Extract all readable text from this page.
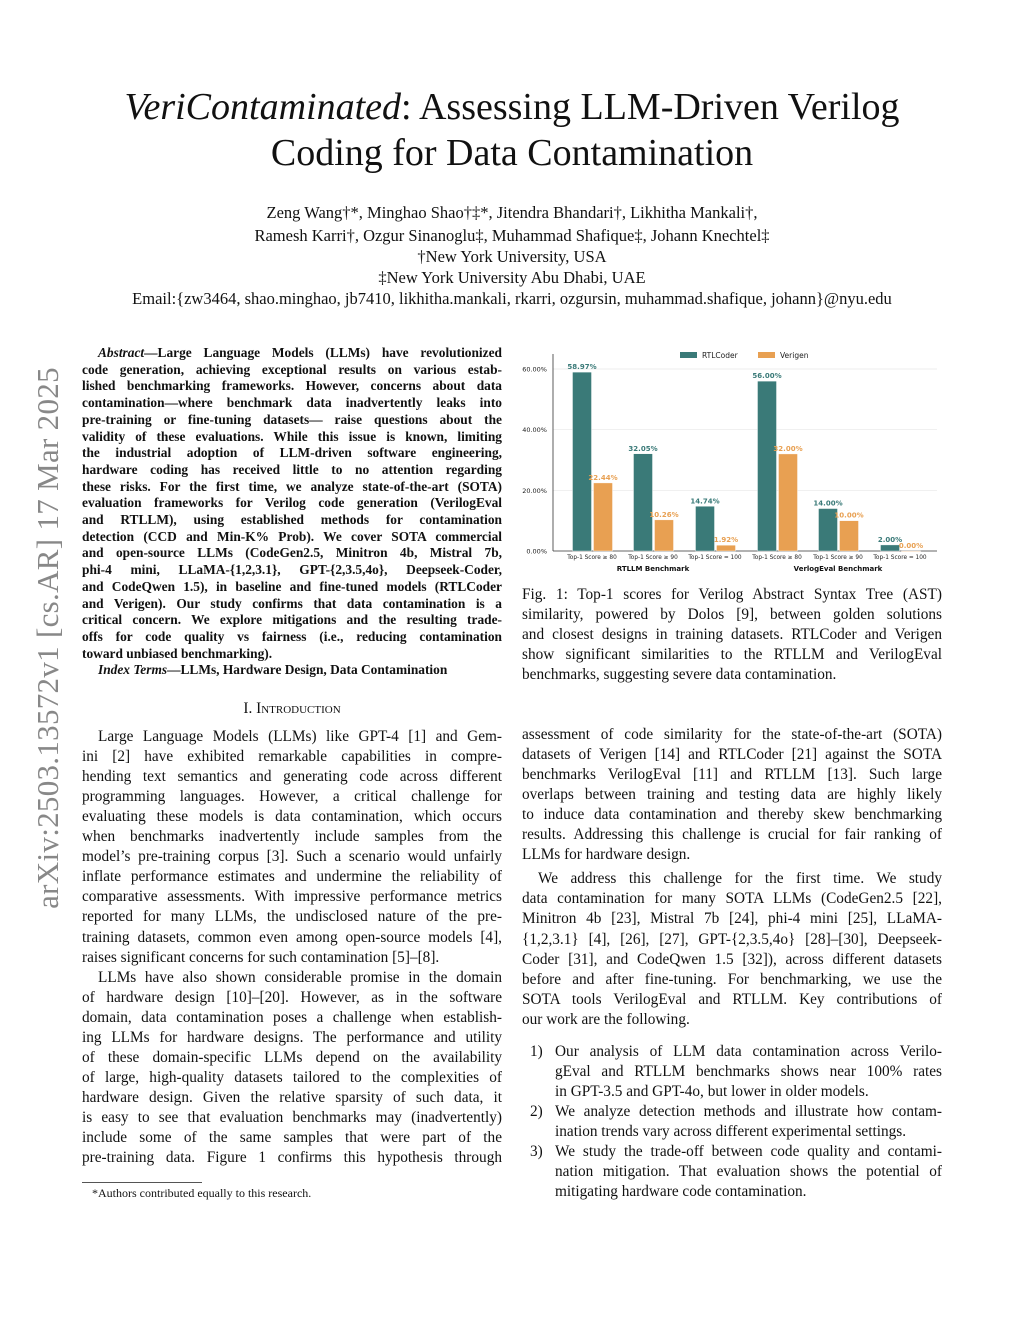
arXiv:2503.13572v1 [cs.AR] 17 Mar 2025
VeriContaminated: Assessing LLM-Driven Verilog
Coding for Data Contamination
Zeng Wang†*, Minghao Shao†‡*, Jitendra Bhandari†, Likhitha Mankali†,
Ramesh Karri†, Ozgur Sinanoglu‡, Muhammad Shafique‡, Johann Knechtel‡
†New York University, USA
‡New York University Abu Dhabi, UAE
Email:{zw3464, shao.minghao, jb7410, likhitha.mankali, rkarri, ozgursin, muhammad.shafique, johann}@nyu.edu
Abstract—Large Language Models (LLMs) have revolutionized
code generation, achieving exceptional results on various estab-
lished benchmarking frameworks. However, concerns about data
contamination—where benchmark data inadvertently leaks into
pre-training or fine-tuning datasets— raise questions about the
validity of these evaluations. While this issue is known, limiting
the industrial adoption of LLM-driven software engineering,
hardware coding has received little to no attention regarding
these risks. For the first time, we analyze state-of-the-art (SOTA)
evaluation frameworks for Verilog code generation (VerilogEval
and RTLLM), using established methods for contamination
detection (CCD and Min-K% Prob). We cover SOTA commercial
and open-source LLMs (CodeGen2.5, Minitron 4b, Mistral 7b,
phi-4 mini, LLaMA-{1,2,3.1}, GPT-{2,3.5,4o}, Deepseek-Coder,
and CodeQwen 1.5), in baseline and fine-tuned models (RTLCoder
and Verigen). Our study confirms that data contamination is a
critical concern. We explore mitigations and the resulting trade-
offs for code quality vs fairness (i.e., reducing contamination
toward unbiased benchmarking).
Index Terms—LLMs, Hardware Design, Data Contamination
I. Introduction
Large Language Models (LLMs) like GPT-4 [1] and Gem-
ini [2] have exhibited remarkable capabilities in compre-
hending text semantics and generating code across different
programming languages. However, a critical challenge for
evaluating these models is data contamination, which occurs
when benchmarks inadvertently include samples from the
model’s pre-training corpus [3]. Such a scenario would unfairly
inflate performance estimates and undermine the reliability of
comparative assessments. With impressive performance metrics
reported for many LLMs, the undisclosed nature of the pre-
training datasets, common even among open-source models [4],
raises significant concerns for such contamination [5]–[8].
LLMs have also shown considerable promise in the domain
of hardware design [10]–[20]. However, as in the software
domain, data contamination poses a challenge when establish-
ing LLMs for hardware designs. The performance and utility
of these domain-specific LLMs depend on the availability
of large, high-quality datasets tailored to the complexities of
hardware design. Given the relative sparsity of such data, it
is easy to see that evaluation benchmarks may (inadvertently)
include some of the same samples that were part of the
pre-training data. Figure 1 confirms this hypothesis through
*Authors contributed equally to this research.
0.00%
20.00%
40.00%
60.00%	58.97%
22.44%
Top-1 Score ≥ 80
32.05%
10.26%
Top-1 Score ≥ 90
14.74%
1.92%
Top-1 Score = 100
56.00%
32.00%
Top-1 Score ≥ 80
14.00%
10.00%
Top-1 Score ≥ 90
2.00%
0.00%
Top-1 Score = 100
RTLLM Benchmark	VerlogEval Benchmark
RTLCoder	Verigen
Fig. 1: Top-1 scores for Verilog Abstract Syntax Tree (AST)
similarity, powered by Dolos [9], between golden solutions
and closest designs in training datasets. RTLCoder and Verigen
show significant similarities to the RTLLM and VerilogEval
benchmarks, suggesting severe data contamination.
assessment of code similarity for the state-of-the-art (SOTA)
datasets of Verigen [14] and RTLCoder [21] against the SOTA
benchmarks VerilogEval [11] and RTLLM [13]. Such large
overlaps between training and testing data are highly likely
to induce data contamination and thereby skew benchmarking
results. Addressing this challenge is crucial for fair ranking of
LLMs for hardware design.
We address this challenge for the first time. We study
data contamination for many SOTA LLMs (CodeGen2.5 [22],
Minitron 4b [23], Mistral 7b [24], phi-4 mini [25], LLaMA-
{1,2,3.1} [4], [26], [27], GPT-{2,3.5,4o} [28]–[30], Deepseek-
Coder [31], and CodeQwen 1.5 [32]), across different datasets
before and after fine-tuning. For benchmarking, we use the
SOTA tools VerilogEval and RTLLM. Key contributions of
our work are the following.
1) Our analysis of LLM data contamination across Verilo-
gEval and RTLLM benchmarks shows near 100% rates
in GPT-3.5 and GPT-4o, but lower in older models.
2) We analyze detection methods and illustrate how contam-
ination trends vary across different experimental settings.
3) We study the trade-off between code quality and contami-
nation mitigation. That evaluation shows the potential of
mitigating hardware code contamination.
